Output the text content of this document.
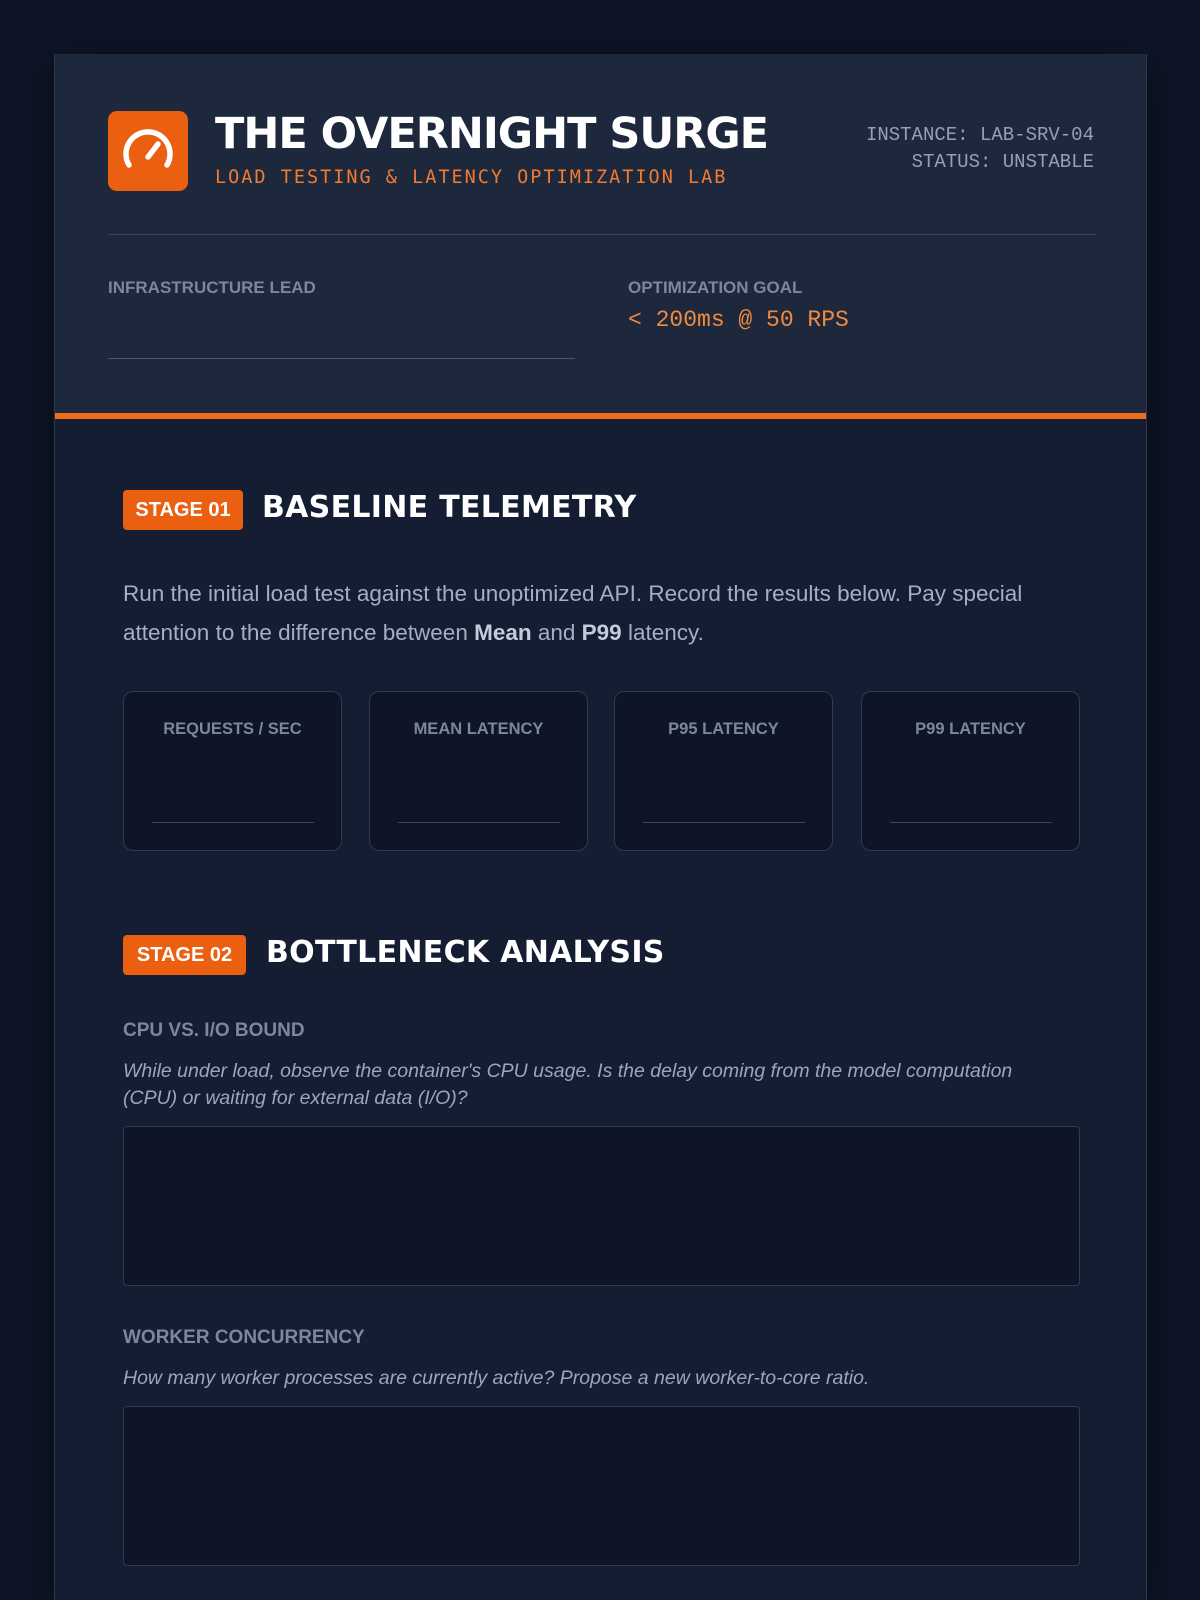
THE OVERNIGHT SURGE
LOAD TESTING & LATENCY OPTIMIZATION LAB
INSTANCE: LAB-SRV-04
STATUS: UNSTABLE
INFRASTRUCTURE LEAD	OPTIMIZATION GOAL
< 200ms @ 50 RPS
STAGE 01	BASELINE TELEMETRY
Run the initial load test against the unoptimized API. Record the results below. Pay special attention to the difference between Mean and P99 latency.
REQUESTS / SEC	MEAN LATENCY	P95 LATENCY	P99 LATENCY
STAGE 02	BOTTLENECK ANALYSIS
CPU VS. I/O BOUND
While under load, observe the container's CPU usage. Is the delay coming from the model computation (CPU) or waiting for external data (I/O)?
WORKER CONCURRENCY
How many worker processes are currently active? Propose a new worker-to-core ratio.
